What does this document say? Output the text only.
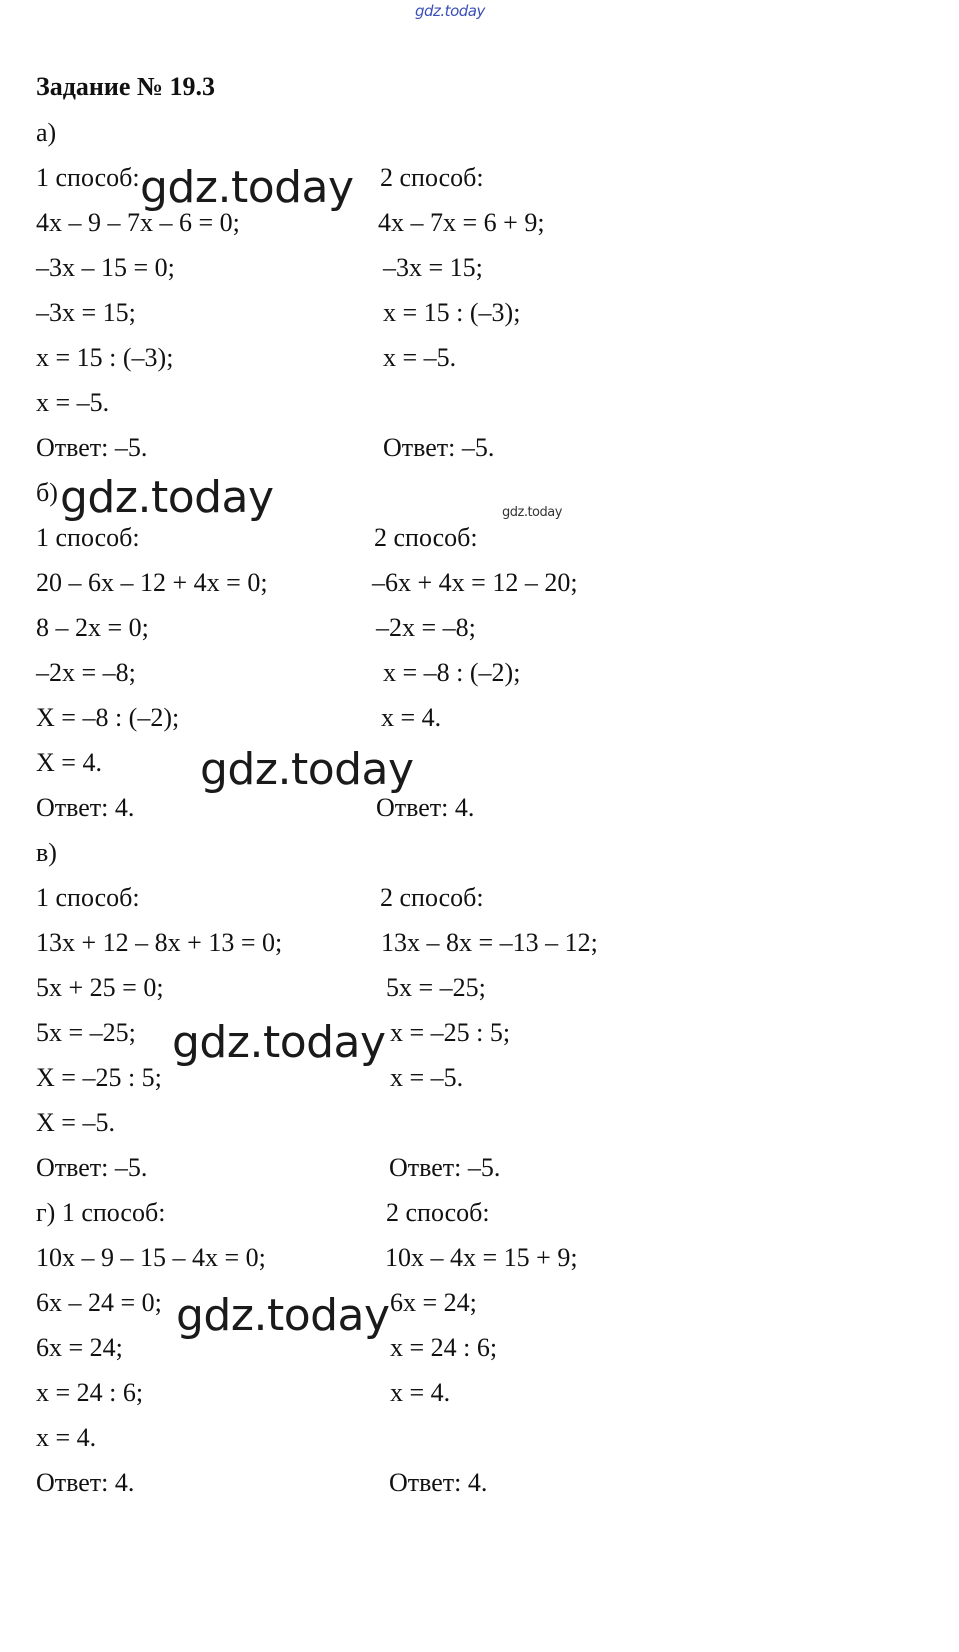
gdz.today
Задание № 19.3
а)
1 способ:
4x – 9 – 7x – 6 = 0;
–3x – 15 = 0;
–3x = 15;
x = 15 : (–3);
x = –5.
Ответ: –5.
2 способ:
4x – 7x = 6 + 9;
–3x = 15;
x = 15 : (–3);
x = –5.
Ответ: –5.
gdz.today
б) gdz.today	gdz.today
1 способ:
20 – 6x – 12 + 4x = 0;
8 – 2x = 0;
–2x = –8;
X = –8 : (–2);
X = 4.
Ответ: 4.
2 способ:
–6x + 4x = 12 – 20;
–2x = –8;
x = –8 : (–2);
x = 4.
Ответ: 4.
gdz.today
в)
1 способ:
13x + 12 – 8x + 13 = 0;
5x + 25 = 0;
5x = –25;
X = –25 : 5;
X = –5.
Ответ: –5.
2 способ:
13x – 8x = –13 – 12;
5x = –25;
x = –25 : 5;
x = –5.
Ответ: –5.
gdz.today
г) 1 способ:
10x – 9 – 15 – 4x = 0;
6x – 24 = 0;
6x = 24;
x = 24 : 6;
x = 4.
Ответ: 4.
2 способ:
10x – 4x = 15 + 9;
6x = 24;
x = 24 : 6;
x = 4.
Ответ: 4.
gdz.today
